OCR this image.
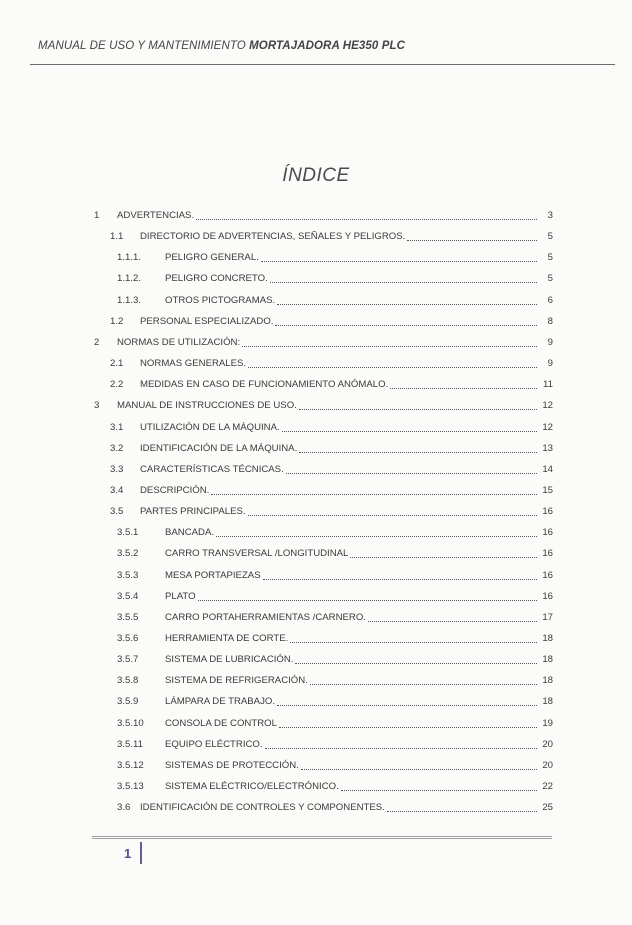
MANUAL DE USO Y MANTENIMIENTO MORTAJADORA HE350 PLC
ÍNDICE
1 ADVERTENCIAS.	3
1.1 DIRECTORIO DE ADVERTENCIAS, SEÑALES Y PELIGROS.	5
1.1.1. PELIGRO GENERAL.	5
1.1.2. PELIGRO CONCRETO.	5
1.1.3. OTROS PICTOGRAMAS.	6
1.2 PERSONAL ESPECIALIZADO.	8
2 NORMAS DE UTILIZACIÓN:	9
2.1 NORMAS GENERALES.	9
2.2 MEDIDAS EN CASO DE FUNCIONAMIENTO ANÓMALO.	11
3 MANUAL DE INSTRUCCIONES DE USO.	12
3.1 UTILIZACIÓN DE LA MÁQUINA.	12
3.2 IDENTIFICACIÓN DE LA MÁQUINA.	13
3.3 CARACTERÍSTICAS TÉCNICAS.	14
3.4 DESCRIPCIÓN.	15
3.5 PARTES PRINCIPALES.	16
3.5.1	BANCADA.	16
3.5.2	CARRO TRANSVERSAL /LONGITUDINAL	16
3.5.3	MESA PORTAPIEZAS	16
3.5.4	PLATO	16
3.5.5	CARRO PORTAHERRAMIENTAS /CARNERO.	17
3.5.6	HERRAMIENTA DE CORTE.	18
3.5.7	SISTEMA DE LUBRICACIÓN.	18
3.5.8	SISTEMA DE REFRIGERACIÓN.	18
3.5.9	LÁMPARA DE TRABAJO.	18
3.5.10 CONSOLA DE CONTROL	19
3.5.11 EQUIPO ELÉCTRICO.	20
3.5.12 SISTEMAS DE PROTECCIÓN.	20
3.5.13 SISTEMA ELÉCTRICO/ELECTRÓNICO.	22
3.6 IDENTIFICACIÓN DE CONTROLES Y COMPONENTES.	25
1
